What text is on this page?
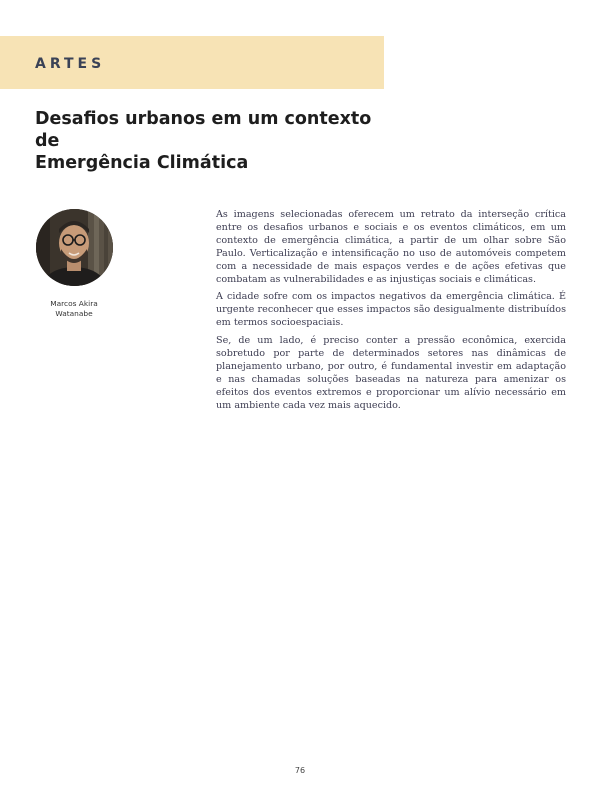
ARTES
Desafios urbanos em um contexto de
Emergência Climática
Marcos Akira
Watanabe

As imagens selecionadas oferecem um retrato da interseção crítica entre os desafios urbanos e sociais e os eventos climáticos, em um contexto de emergência climática, a partir de um olhar sobre São Paulo. Verticalização e intensificação no uso de automóveis competem com a necessidade de mais espaços verdes e de ações efetivas que combatam as vulnerabilidades e as injustiças sociais e climáticas.

A cidade sofre com os impactos negativos da emergência climática. É urgente reconhecer que esses impactos são desigualmente distribuídos em termos socioespaciais.

Se, de um lado, é preciso conter a pressão econômica, exercida sobretudo por parte de determinados setores nas dinâmicas de planejamento urbano, por outro, é fundamental investir em adaptação e nas chamadas soluções baseadas na natureza para amenizar os efeitos dos eventos extremos e proporcionar um alívio necessário em um ambiente cada vez mais aquecido.

76
